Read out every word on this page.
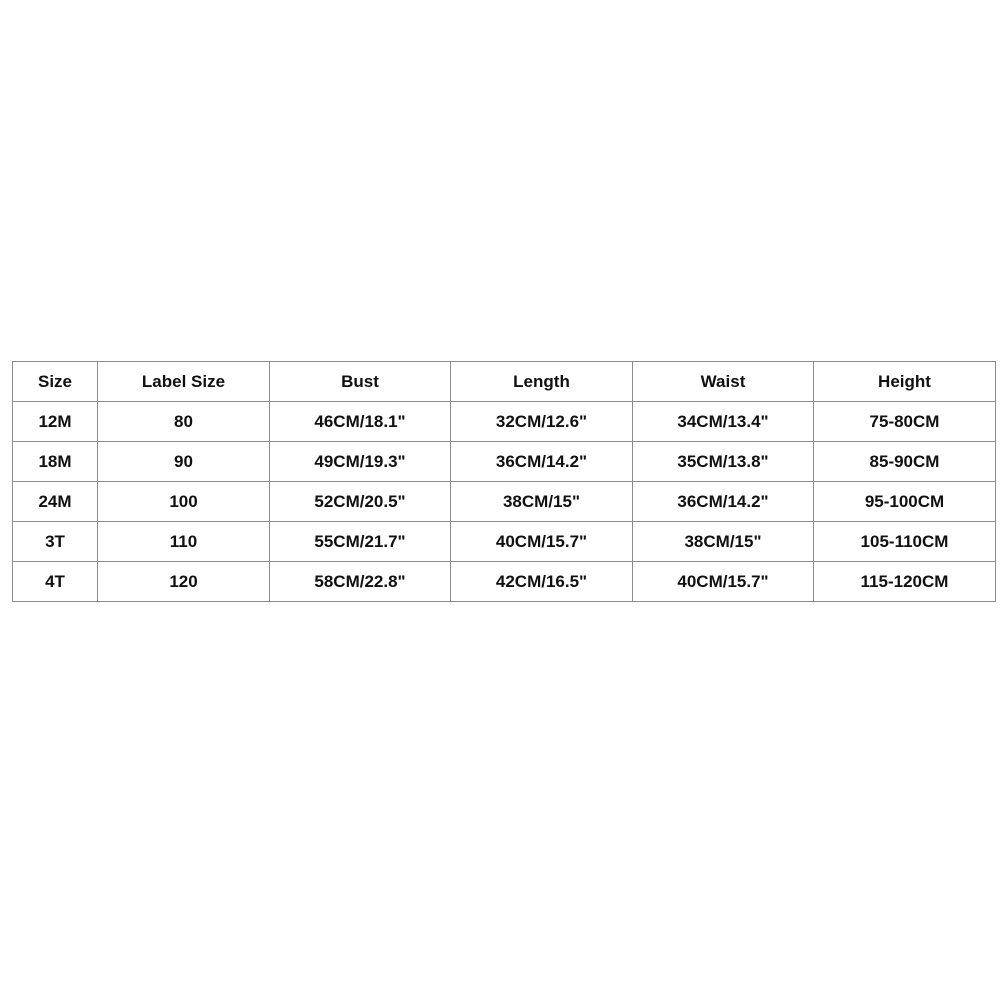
Size	Label Size	Bust	Length	Waist	Height
12M	80	46CM/18.1"	32CM/12.6"	34CM/13.4"	75-80CM
18M	90	49CM/19.3"	36CM/14.2"	35CM/13.8"	85-90CM
24M	100	52CM/20.5"	38CM/15"	36CM/14.2"	95-100CM
3T	110	55CM/21.7"	40CM/15.7"	38CM/15"	105-110CM
4T	120	58CM/22.8"	42CM/16.5"	40CM/15.7"	115-120CM
